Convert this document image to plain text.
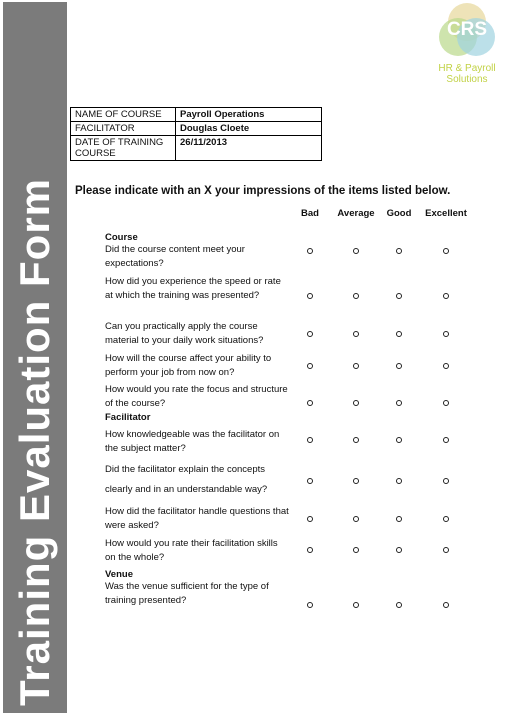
Training Evaluation Form
CRS
HR & Payroll
Solutions
NAME OF COURSE	Payroll Operations
FACILITATOR	Douglas Cloete
DATE OF TRAINING COURSE	26/11/2013
Please indicate with an X your impressions of the items listed below.
Bad Average Good Excellent
Course
Facilitator
Venue
Did the course content meet your expectations?
How did you experience the speed or rate at which the training was presented?
Can you practically apply the course material to your daily work situations?
How will the course affect your ability to perform your job from now on?
How would you rate the focus and structure of the course?
How knowledgeable was the facilitator on the subject matter?
Did the facilitator explain the concepts clearly and in an understandable way?
How did the facilitator handle questions that were asked?
How would you rate their facilitation skills on the whole?
Was the venue sufficient for the type of training presented?
